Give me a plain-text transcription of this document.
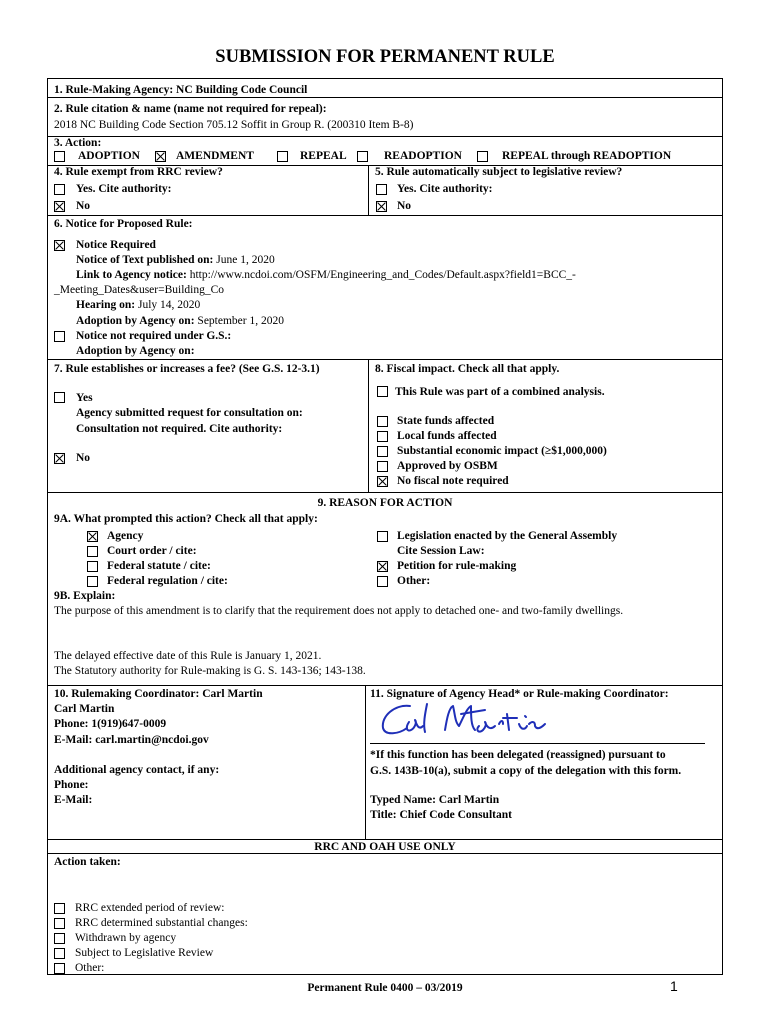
SUBMISSION FOR PERMANENT RULE
1. Rule-Making Agency: NC Building Code Council
2. Rule citation & name (name not required for repeal):
2018 NC Building Code Section 705.12 Soffit in Group R. (200310 Item B-8)
3. Action:
ADOPTION	AMENDMENT	REPEAL	READOPTION	REPEAL through READOPTION
4. Rule exempt from RRC review?
Yes. Cite authority:
No
5. Rule automatically subject to legislative review?
Yes. Cite authority:
No
6. Notice for Proposed Rule:
Notice Required
Notice of Text published on: June 1, 2020
Link to Agency notice: http://www.ncdoi.com/OSFM/Engineering_and_Codes/Default.aspx?field1=BCC_-
_Meeting_Dates&user=Building_Co
Hearing on: July 14, 2020
Adoption by Agency on: September 1, 2020
Notice not required under G.S.:
Adoption by Agency on:
7. Rule establishes or increases a fee? (See G.S. 12-3.1)
Yes
Agency submitted request for consultation on:
Consultation not required. Cite authority:
No
8. Fiscal impact. Check all that apply.
This Rule was part of a combined analysis.
State funds affected
Local funds affected
Substantial economic impact (≥$1,000,000)
Approved by OSBM
No fiscal note required
9. REASON FOR ACTION
9A. What prompted this action? Check all that apply:
Agency
Court order / cite:
Federal statute / cite:
Federal regulation / cite:
Legislation enacted by the General Assembly
Cite Session Law:
Petition for rule-making
Other:
9B. Explain:
The purpose of this amendment is to clarify that the requirement does not apply to detached one- and two-family dwellings.
The delayed effective date of this Rule is January 1, 2021.
The Statutory authority for Rule-making is G. S. 143-136; 143-138.
10. Rulemaking Coordinator: Carl Martin
Carl Martin
Phone: 1(919)647-0009
E-Mail: carl.martin@ncdoi.gov
Additional agency contact, if any:
Phone:
E-Mail:
11. Signature of Agency Head* or Rule-making Coordinator:
*If this function has been delegated (reassigned) pursuant to
G.S. 143B-10(a), submit a copy of the delegation with this form.
Typed Name: Carl Martin
Title: Chief Code Consultant
RRC AND OAH USE ONLY
Action taken:
RRC extended period of review:
RRC determined substantial changes:
Withdrawn by agency
Subject to Legislative Review
Other:
Permanent Rule 0400 – 03/2019	1
